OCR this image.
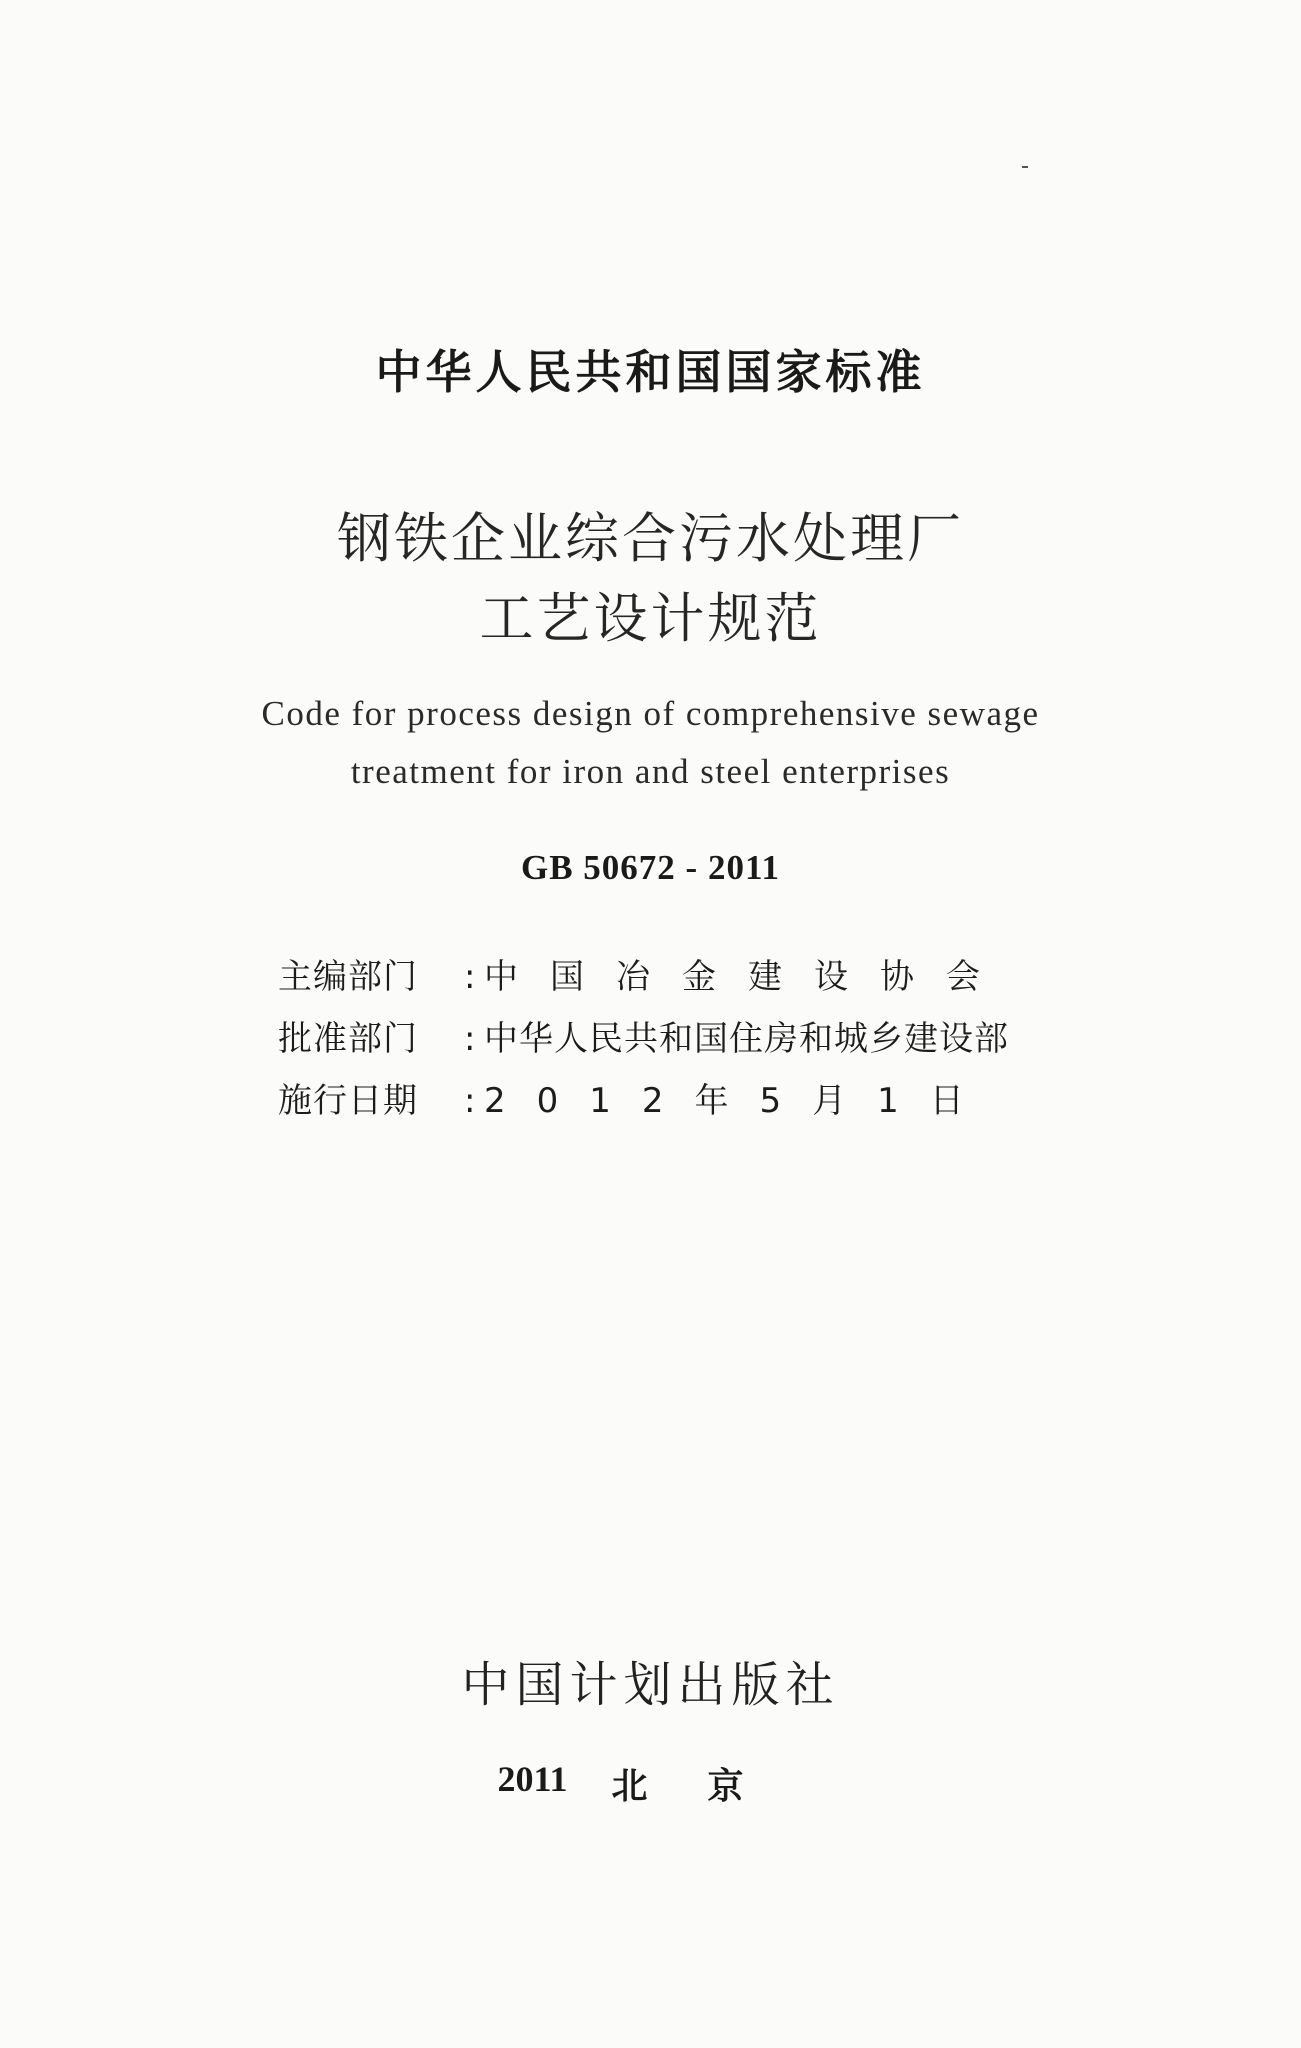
中华人民共和国国家标准
钢铁企业综合污水处理厂
工艺设计规范
Code for process design of comprehensive sewage
treatment for iron and steel enterprises
GB 50672 - 2011
主编部门	: 中国冶金建设协会
批准部门	: 中华人民共和国住房和城乡建设部
施行日期	: 2012年5月1日
中国计划出版社
2011 北京
